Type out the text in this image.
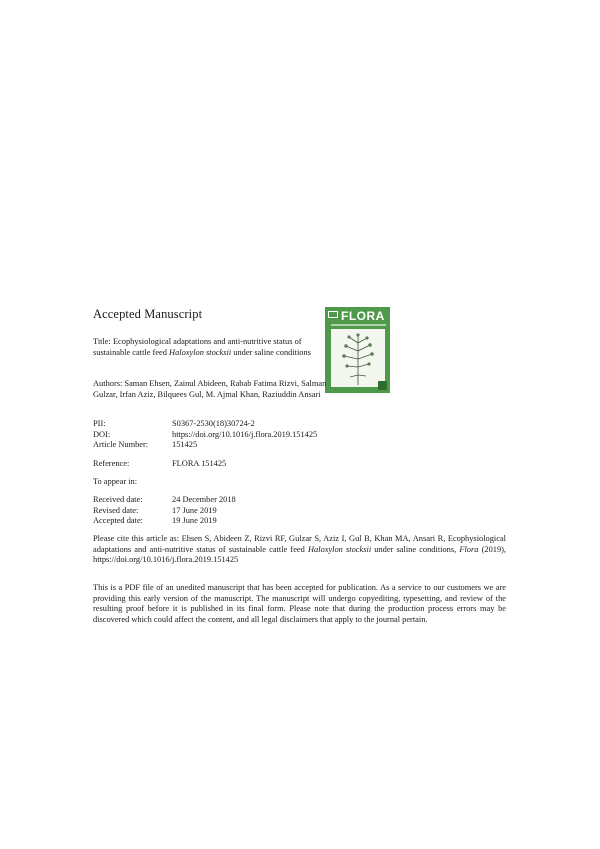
Accepted Manuscript	FLORA
Title: Ecophysiological adaptations and anti-nutritive status of sustainable cattle feed Haloxylon stocksii under saline conditions
Authors: Saman Ehsen, Zainul Abideen, Rabab Fatima Rizvi, Salman Gulzar, Irfan Aziz, Bilquees Gul, M. Ajmal Khan, Raziuddin Ansari
PII:	S0367-2530(18)30724-2
DOI:	https://doi.org/10.1016/j.flora.2019.151425
Article Number:	151425
Reference:	FLORA 151425
To appear in:
Received date:	24 December 2018
Revised date:	17 June 2019
Accepted date:	19 June 2019
Please cite this article as: Ehsen S, Abideen Z, Rizvi RF, Gulzar S, Aziz I, Gul B, Khan MA, Ansari R, Ecophysiological adaptations and anti-nutritive status of sustainable cattle feed Haloxylon stocksii under saline conditions, Flora (2019), https://doi.org/10.1016/j.flora.2019.151425
This is a PDF file of an unedited manuscript that has been accepted for publication. As a service to our customers we are providing this early version of the manuscript. The manuscript will undergo copyediting, typesetting, and review of the resulting proof before it is published in its final form. Please note that during the production process errors may be discovered which could affect the content, and all legal disclaimers that apply to the journal pertain.
